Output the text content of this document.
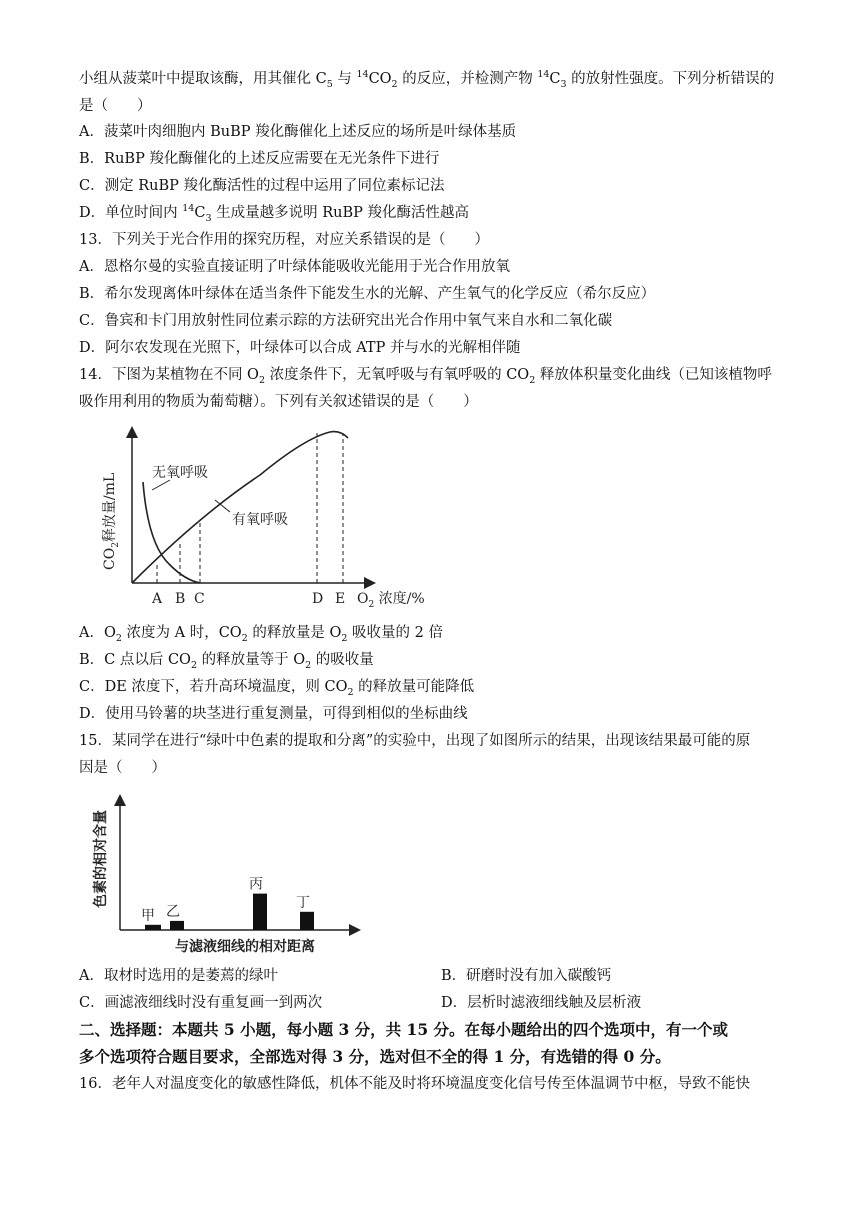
小组从菠菜叶中提取该酶，用其催化 $C_5$ 与 $^{14}CO_2$ 的反应，并检测产物 $^{14}C_3$ 的放射性强度。下列分析错误的
是（　　）
A．菠菜叶肉细胞内 BuBP 羧化酶催化上述反应的场所是叶绿体基质
B．RuBP 羧化酶催化的上述反应需要在无光条件下进行
C．测定 RuBP 羧化酶活性的过程中运用了同位素标记法
D．单位时间内 $^{14}C_3$ 生成量越多说明 RuBP 羧化酶活性越高
13．下列关于光合作用的探究历程，对应关系错误的是（　　）
A．恩格尔曼的实验直接证明了叶绿体能吸收光能用于光合作用放氧
B．希尔发现离体叶绿体在适当条件下能发生水的光解、产生氧气的化学反应（希尔反应）
C．鲁宾和卡门用放射性同位素示踪的方法研究出光合作用中氧气来自水和二氧化碳
D．阿尔农发现在光照下，叶绿体可以合成 ATP 并与水的光解相伴随
14．下图为某植物在不同 $O_2$ 浓度条件下，无氧呼吸与有氧呼吸的 $CO_2$ 释放体积量变化曲线（已知该植物呼
吸作用利用的物质为葡萄糖）。下列有关叙述错误的是（　　）
$CO_2$释放量/mL 无氧呼吸
有氧呼吸
A B C	D E $O_2$ 浓度/%
A．$O_2$ 浓度为 A 时，$CO_2$ 的释放量是 $O_2$ 吸收量的 2 倍
B．C 点以后 $CO_2$ 的释放量等于 $O_2$ 的吸收量
C．DE 浓度下，若升高环境温度，则 $CO_2$ 的释放量可能降低
D．使用马铃薯的块茎进行重复测量，可得到相似的坐标曲线
15．某同学在进行“绿叶中色素的提取和分离”的实验中，出现了如图所示的结果，出现该结果最可能的原
因是（　　）
色素的相对含量
甲 乙
丙
丁
与滤液细线的相对距离
A．取材时选用的是萎蔫的绿叶	B．研磨时没有加入碳酸钙
C．画滤液细线时没有重复画一到两次	D．层析时滤液细线触及层析液
二、选择题：本题共 5 小题，每小题 3 分，共 15 分。在每小题给出的四个选项中，有一个或
多个选项符合题目要求，全部选对得 3 分，选对但不全的得 1 分，有选错的得 0 分。
16．老年人对温度变化的敏感性降低，机体不能及时将环境温度变化信号传至体温调节中枢，导致不能快
